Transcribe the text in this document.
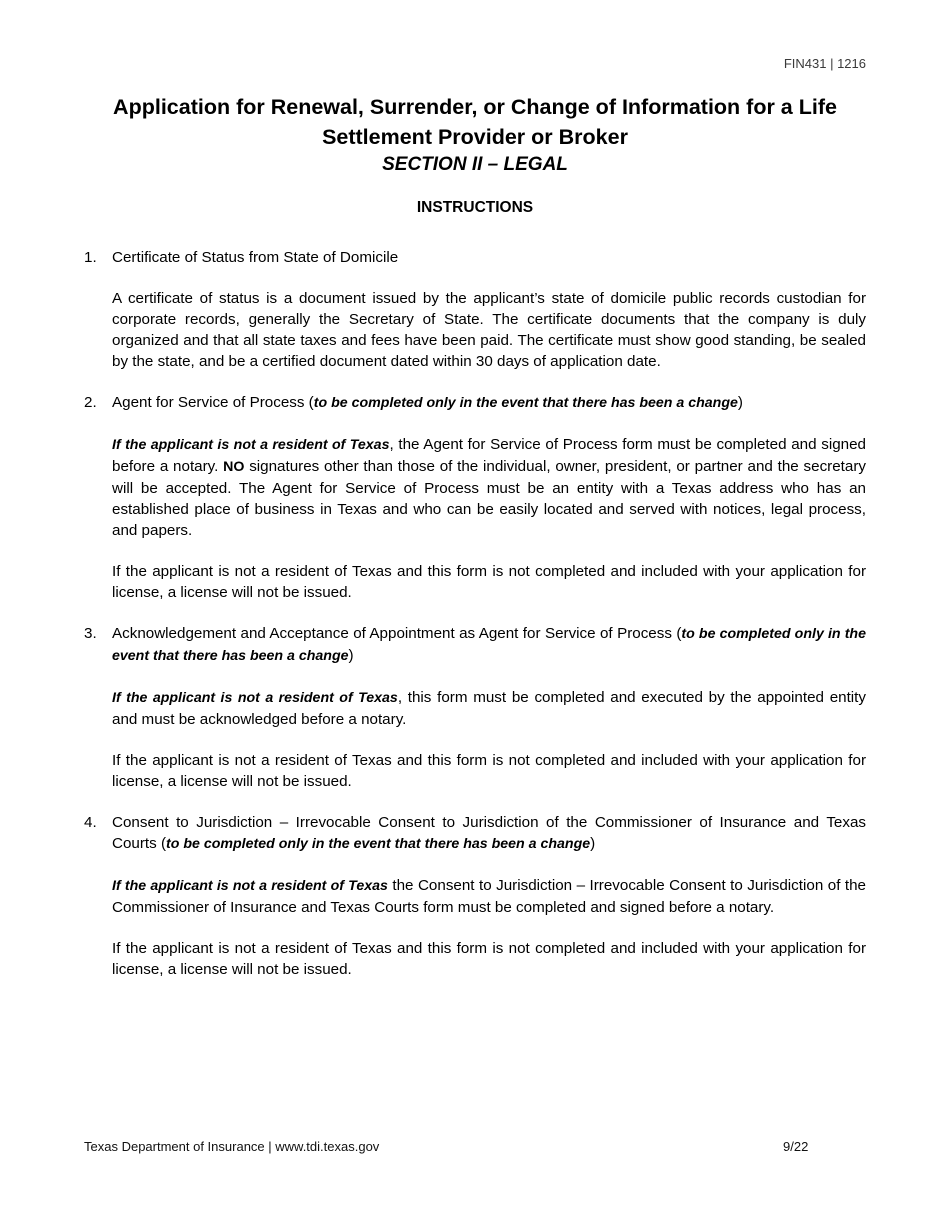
FIN431 | 1216
Application for Renewal, Surrender, or Change of Information for a Life Settlement Provider or Broker
SECTION II – LEGAL
INSTRUCTIONS
1. Certificate of Status from State of Domicile

A certificate of status is a document issued by the applicant’s state of domicile public records custodian for corporate records, generally the Secretary of State. The certificate documents that the company is duly organized and that all state taxes and fees have been paid. The certificate must show good standing, be sealed by the state, and be a certified document dated within 30 days of application date.

2. Agent for Service of Process (to be completed only in the event that there has been a change)

If the applicant is not a resident of Texas, the Agent for Service of Process form must be completed and signed before a notary. NO signatures other than those of the individual, owner, president, or partner and the secretary will be accepted. The Agent for Service of Process must be an entity with a Texas address who has an established place of business in Texas and who can be easily located and served with notices, legal process, and papers.

If the applicant is not a resident of Texas and this form is not completed and included with your application for license, a license will not be issued.

3. Acknowledgement and Acceptance of Appointment as Agent for Service of Process (to be completed only in the event that there has been a change)

If the applicant is not a resident of Texas, this form must be completed and executed by the appointed entity and must be acknowledged before a notary.

If the applicant is not a resident of Texas and this form is not completed and included with your application for license, a license will not be issued.

4. Consent to Jurisdiction – Irrevocable Consent to Jurisdiction of the Commissioner of Insurance and Texas Courts (to be completed only in the event that there has been a change)

If the applicant is not a resident of Texas the Consent to Jurisdiction – Irrevocable Consent to Jurisdiction of the Commissioner of Insurance and Texas Courts form must be completed and signed before a notary.

If the applicant is not a resident of Texas and this form is not completed and included with your application for license, a license will not be issued.

Texas Department of Insurance | www.tdi.texas.gov	9/22
